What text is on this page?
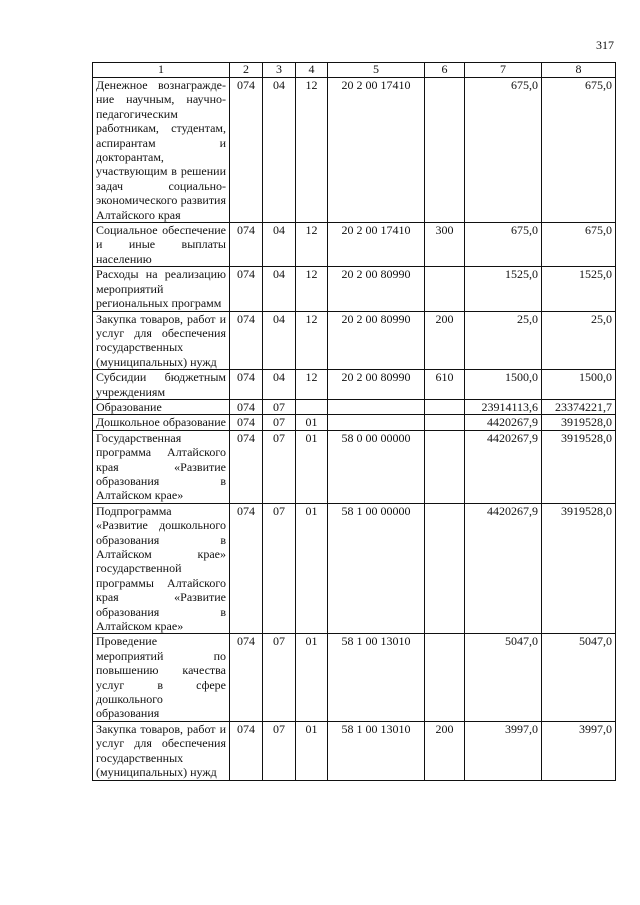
317
1	2	3	4	5	6	7	8
Денежное вознаграждение научным, научно-педагогическим работникам, студентам, аспирантам и докторантам, участвующим в решении задач социально-экономического развития Алтайского края	074	04	12	20 2 00 17410		675,0	675,0
Социальное обеспечение и иные выплаты населению	074	04	12	20 2 00 17410	300	675,0	675,0
Расходы на реализацию мероприятий региональных программ	074	04	12	20 2 00 80990		1525,0	1525,0
Закупка товаров, работ и услуг для обеспечения государственных (муниципальных) нужд	074	04	12	20 2 00 80990	200	25,0	25,0
Субсидии бюджетным учреждениям	074	04	12	20 2 00 80990	610	1500,0	1500,0
Образование	074	07				23914113,6	23374221,7
Дошкольное образование	074	07	01			4420267,9	3919528,0
Государственная программа Алтайского края «Развитие образования в Алтайском крае»	074	07	01	58 0 00 00000		4420267,9	3919528,0
Подпрограмма «Развитие дошкольного образования в Алтайском крае» государственной программы Алтайского края «Развитие образования в Алтайском крае»	074	07	01	58 1 00 00000		4420267,9	3919528,0
Проведение мероприятий по повышению качества услуг в сфере дошкольного образования	074	07	01	58 1 00 13010		5047,0	5047,0
Закупка товаров, работ и услуг для обеспечения государственных (муниципальных) нужд	074	07	01	58 1 00 13010	200	3997,0	3997,0
